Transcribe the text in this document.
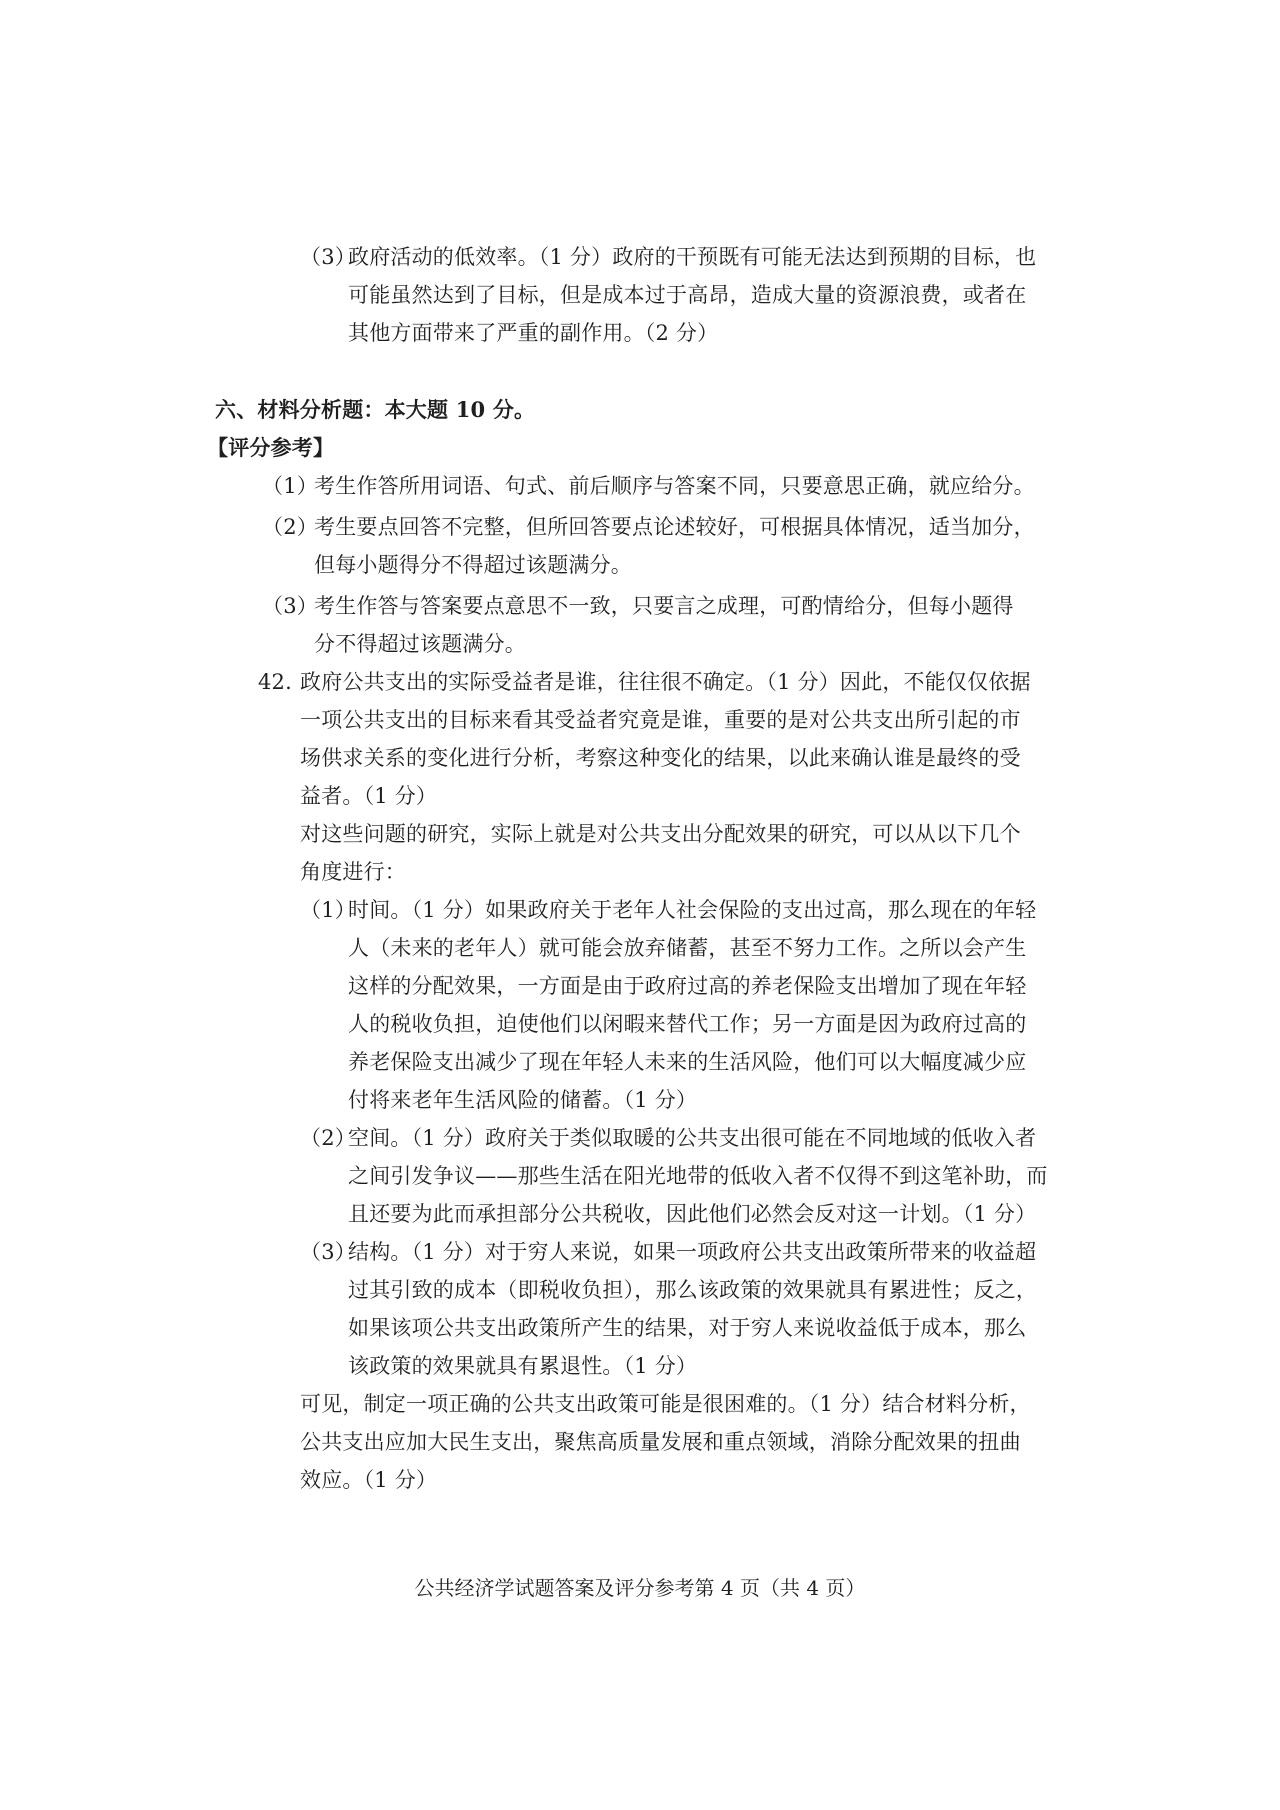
（3）
政府活动的低效率。（1 分）政府的干预既有可能无法达到预期的目标，也
可能虽然达到了目标，但是成本过于高昂，造成大量的资源浪费，或者在
其他方面带来了严重的副作用。（2 分）
六、材料分析题：本大题 10 分。
【评分参考】
（1）
考生作答所用词语、句式、前后顺序与答案不同，只要意思正确，就应给分。
（2）
考生要点回答不完整，但所回答要点论述较好，可根据具体情况，适当加分，
但每小题得分不得超过该题满分。
（3）
考生作答与答案要点意思不一致，只要言之成理，可酌情给分，但每小题得
分不得超过该题满分。
42. 政府公共支出的实际受益者是谁，往往很不确定。（1 分）因此，不能仅仅依据
一项公共支出的目标来看其受益者究竟是谁，重要的是对公共支出所引起的市
场供求关系的变化进行分析，考察这种变化的结果，以此来确认谁是最终的受
益者。（1 分）
对这些问题的研究，实际上就是对公共支出分配效果的研究，可以从以下几个
角度进行：
（1）
时间。（1 分）如果政府关于老年人社会保险的支出过高，那么现在的年轻
人（未来的老年人）就可能会放弃储蓄，甚至不努力工作。之所以会产生
这样的分配效果，一方面是由于政府过高的养老保险支出增加了现在年轻
人的税收负担，迫使他们以闲暇来替代工作；另一方面是因为政府过高的
养老保险支出减少了现在年轻人未来的生活风险，他们可以大幅度减少应
付将来老年生活风险的储蓄。（1 分）
（2）
空间。（1 分）政府关于类似取暖的公共支出很可能在不同地域的低收入者
之间引发争议——那些生活在阳光地带的低收入者不仅得不到这笔补助，而
且还要为此而承担部分公共税收，因此他们必然会反对这一计划。（1 分）
（3）
结构。（1 分）对于穷人来说，如果一项政府公共支出政策所带来的收益超
过其引致的成本（即税收负担），那么该政策的效果就具有累进性；反之，
如果该项公共支出政策所产生的结果，对于穷人来说收益低于成本，那么
该政策的效果就具有累退性。（1 分）
可见，制定一项正确的公共支出政策可能是很困难的。（1 分）结合材料分析，
公共支出应加大民生支出，聚焦高质量发展和重点领域，消除分配效果的扭曲
效应。（1 分）
公共经济学试题答案及评分参考第 4 页（共 4 页）
